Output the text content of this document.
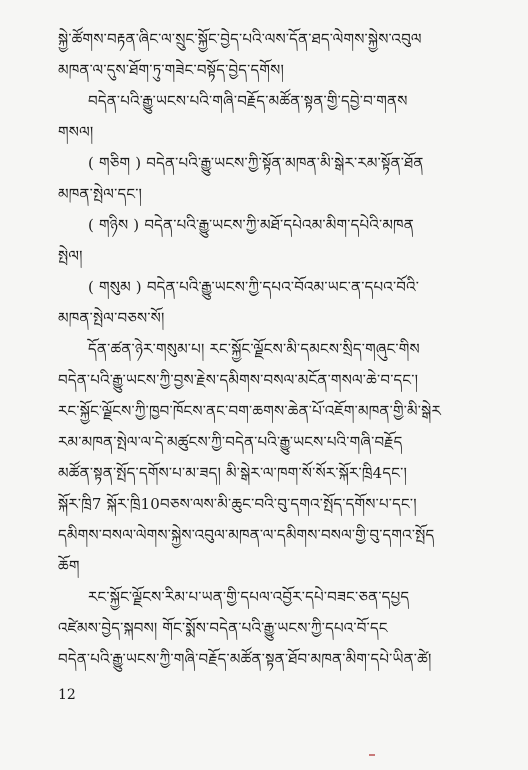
སྐྱེ་ཚོགས་བརྟན་ཞིང་ལ་སྲུང་སྐྱོང་བྱེད་པའི་ལས་དོན་ཐད་ལེགས་སྐྱེས་འབུལ
མཁན་ལ་དུས་ཐོག་ཏུ་གཟེང་བསྟོད་བྱེད་དགོས།
བདེན་པའི་རྒྱུ་ཡངས་པའི་གཞི་བརྗོད་མཚོན་སྟན་གྱི་དབྱེ་བ་གནས
གསལ།
( གཅིག ) བདེན་པའི་རྒྱུ་ཡངས་ཀྱི་སྟོན་མཁན་མི་སྒེར་རམ་སྟོན་ཐོན
མཁན་སྤེལ་དང་།
( གཉིས ) བདེན་པའི་རྒྱུ་ཡངས་ཀྱི་མཐོ་དཔེའམ་མིག་དཔེའི་མཁན
སྤེལ།
( གསུམ ) བདེན་པའི་རྒྱུ་ཡངས་ཀྱི་དཔའ་བོའམ་ཡང་ན་དཔའ་བོའི་
མཁན་སྤེལ་བཅས་སོ།
དོན་ཚན་ཉེར་གསུམ་པ། རང་སྐྱོང་ལྗོངས་མི་དམངས་སྲིད་གཞུང་གིས
བདེན་པའི་རྒྱུ་ཡངས་ཀྱི་བྱས་རྗེས་དམིགས་བསལ་མངོན་གསལ་ཆེ་བ་དང་།
རང་སྐྱོང་ལྗོངས་ཀྱི་ཁྱབ་ཁོངས་ནང་བག་ཆགས་ཆེན་པོ་འཇོག་མཁན་གྱི་མི་སྒེར
རམ་མཁན་སྤེལ་ལ་དེ་མཚུངས་ཀྱི་བདེན་པའི་རྒྱུ་ཡངས་པའི་གཞི་བརྗོད
མཚོན་སྟན་སྤོད་དགོས་པ་མ་ཟད། མི་སྒེར་ལ་ཁག་སོ་སོར་སྐོར་ཁྲི4དང་།
སྐོར་ཁྲི7 སྐོར་ཁྲི10བཅས་ལས་མི་ཆུང་བའི་བུ་དགའ་སྤོད་དགོས་པ་དང་།
དམིགས་བསལ་ལེགས་སྐྱེས་འབུལ་མཁན་ལ་དམིགས་བསལ་གྱི་བུ་དགའ་སྤོད
ཆོག
རང་སྐྱོང་ལྗོངས་རིམ་པ་ཡན་གྱི་དཔལ་འབྱོར་དཔེ་བཟང་ཅན་དཔྱད
འཛེམས་བྱེད་སྐབས། གོང་སྨོས་བདེན་པའི་རྒྱུ་ཡངས་ཀྱི་དཔའ་བོ་དང
བདེན་པའི་རྒྱུ་ཡངས་ཀྱི་གཞི་བརྗོད་མཚོན་སྟན་ཐོབ་མཁན་མིག་དཔེ་ཡིན་ཚེ།
12
